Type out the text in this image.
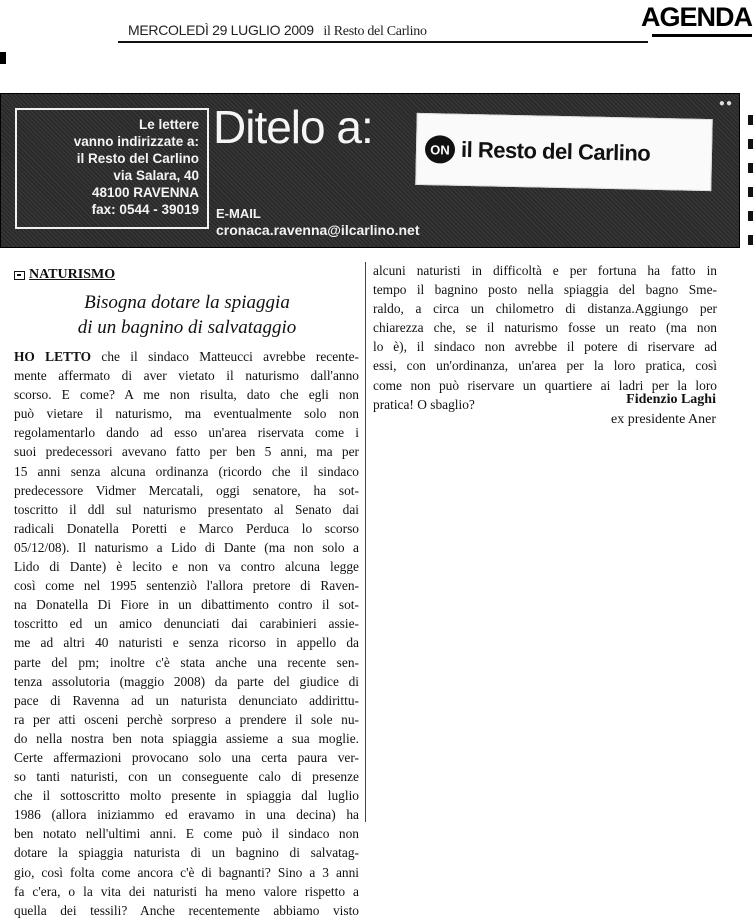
MERCOLEDÌ 29 LUGLIO 2009 il Resto del Carlino	AGENDA
Le lettere
vanno indirizzate a:
il Resto del Carlino
via Salara, 40
48100 RAVENNA
fax: 0544 - 39019
Ditelo a:	ON il Resto del Carlino
E-MAIL
cronaca.ravenna@ilcarlino.net
●●
NATURISMO
Bisogna dotare la spiaggia
di un bagnino di salvataggio
HO LETTO che il sindaco Matteucci avrebbe recente-
mente affermato di aver vietato il naturismo dall'anno
scorso. E come? A me non risulta, dato che egli non
può vietare il naturismo, ma eventualmente solo non
regolamentarlo dando ad esso un'area riservata come i
suoi predecessori avevano fatto per ben 5 anni, ma per
15 anni senza alcuna ordinanza (ricordo che il sindaco
predecessore Vidmer Mercatali, oggi senatore, ha sot-
toscritto il ddl sul naturismo presentato al Senato dai
radicali Donatella Poretti e Marco Perduca lo scorso
05/12/08). Il naturismo a Lido di Dante (ma non solo a
Lido di Dante) è lecito e non va contro alcuna legge
così come nel 1995 sentenziò l'allora pretore di Raven-
na Donatella Di Fiore in un dibattimento contro il sot-
toscritto ed un amico denunciati dai carabinieri assie-
me ad altri 40 naturisti e senza ricorso in appello da
parte del pm; inoltre c'è stata anche una recente sen-
tenza assolutoria (maggio 2008) da parte del giudice di
pace di Ravenna ad un naturista denunciato addirittu-
ra per atti osceni perchè sorpreso a prendere il sole nu-
do nella nostra ben nota spiaggia assieme a sua moglie.
Certe affermazioni provocano solo una certa paura ver-
so tanti naturisti, con un conseguente calo di presenze
che il sottoscritto molto presente in spiaggia dal luglio
1986 (allora iniziammo ed eravamo in una decina) ha
ben notato nell'ultimi anni. E come può il sindaco non
dotare la spiaggia naturista di un bagnino di salvatag-
gio, così folta come ancora c'è di bagnanti? Sino a 3 anni
fa c'era, o la vita dei naturisti ha meno valore rispetto a
quella dei tessili? Anche recentemente abbiamo visto
alcuni naturisti in difficoltà e per fortuna ha fatto in
tempo il bagnino posto nella spiaggia del bagno Sme-
raldo, a circa un chilometro di distanza.Aggiungo per
chiarezza che, se il naturismo fosse un reato (ma non
lo è), il sindaco non avrebbe il potere di riservare ad
essi, con un'ordinanza, un'area per la loro pratica, così
come non può riservare un quartiere ai ladri per la loro
pratica! O sbaglio?	Fidenzio Laghi
ex presidente Aner
